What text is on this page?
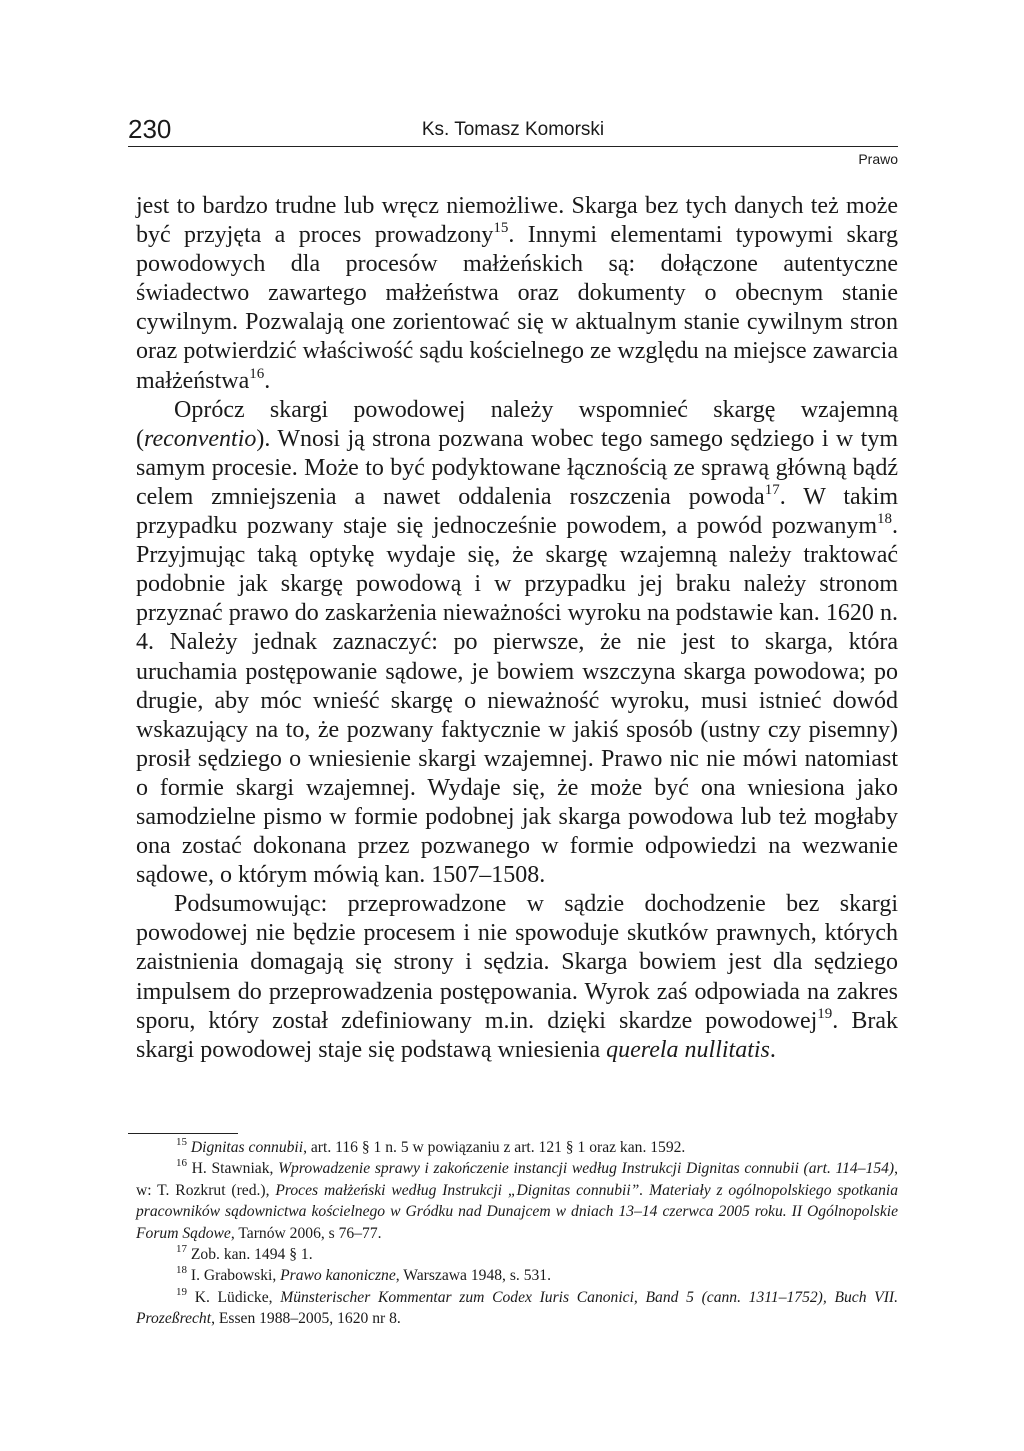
230	Ks. Tomasz Komorski
Prawo

jest to bardzo trudne lub wręcz niemożliwe. Skarga bez tych danych też może być przyjęta a proces prowadzony$^{15}$. Innymi elementami typowymi skarg powodowych dla procesów małżeńskich są: dołączone autentyczne świadectwo zawartego małżeństwa oraz dokumenty o obecnym stanie cywilnym. Pozwalają one zorientować się w aktualnym stanie cywilnym stron oraz potwierdzić właściwość sądu kościelnego ze względu na miejsce zawarcia małżeństwa$^{16}$.

Oprócz skargi powodowej należy wspomnieć skargę wzajemną (reconventio). Wnosi ją strona pozwana wobec tego samego sędziego i w tym samym procesie. Może to być podyktowane łącznością ze sprawą główną bądź celem zmniejszenia a nawet oddalenia roszczenia powoda$^{17}$. W takim przypadku pozwany staje się jednocześnie powodem, a powód pozwanym$^{18}$. Przyjmując taką optykę wydaje się, że skargę wzajemną należy traktować podobnie jak skargę powodową i w przypadku jej braku należy stronom przyznać prawo do zaskarżenia nieważności wyroku na podstawie kan. 1620 n. 4. Należy jednak zaznaczyć: po pierwsze, że nie jest to skarga, która uruchamia postępowanie sądowe, je bowiem wszczyna skarga powodowa; po drugie, aby móc wnieść skargę o nieważność wyroku, musi istnieć dowód wskazujący na to, że pozwany faktycznie w jakiś sposób (ustny czy pisemny) prosił sędziego o wniesienie skargi wzajemnej. Prawo nic nie mówi natomiast o formie skargi wzajemnej. Wydaje się, że może być ona wniesiona jako samodzielne pismo w formie podobnej jak skarga powodowa lub też mogłaby ona zostać dokonana przez pozwanego w formie odpowiedzi na wezwanie sądowe, o którym mówią kan. 1507–1508.

Podsumowując: przeprowadzone w sądzie dochodzenie bez skargi powodowej nie będzie procesem i nie spowoduje skutków prawnych, których zaistnienia domagają się strony i sędzia. Skarga bowiem jest dla sędziego impulsem do przeprowadzenia postępowania. Wyrok zaś odpowiada na zakres sporu, który został zdefiniowany m.in. dzięki skardze powodowej$^{19}$. Brak skargi powodowej staje się podstawą wniesienia querela nullitatis.

$^{15}$ Dignitas connubii, art. 116 § 1 n. 5 w powiązaniu z art. 121 § 1 oraz kan. 1592.

$^{16}$ H. Stawniak, Wprowadzenie sprawy i zakończenie instancji według Instrukcji Dignitas connubii (art. 114–154), w: T. Rozkrut (red.), Proces małżeński według Instrukcji „Dignitas connubii”. Materiały z ogólnopolskiego spotkania pracowników sądownictwa kościelnego w Gródku nad Dunajcem w dniach 13–14 czerwca 2005 roku. II Ogólnopolskie Forum Sądowe, Tarnów 2006, s 76–77.

$^{17}$ Zob. kan. 1494 § 1.

$^{18}$ I. Grabowski, Prawo kanoniczne, Warszawa 1948, s. 531.

$^{19}$ K. Lüdicke, Münsterischer Kommentar zum Codex Iuris Canonici, Band 5 (cann. 1311–1752), Buch VII. Prozeßrecht, Essen 1988–2005, 1620 nr 8.
